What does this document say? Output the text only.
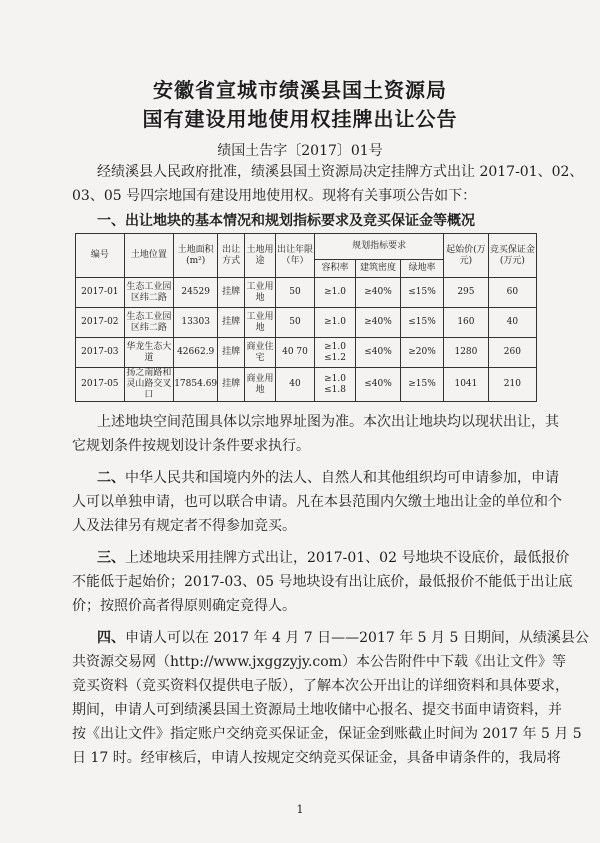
安徽省宣城市绩溪县国土资源局
国有建设用地使用权挂牌出让公告
绩国土告字〔2017〕01号
经绩溪县人民政府批准，绩溪县国土资源局决定挂牌方式出让 2017-01、02、
03、05 号四宗地国有建设用地使用权。现将有关事项公告如下：
一、出让地块的基本情况和规划指标要求及竞买保证金等概况
编号	土地位置	土地面积(m²)	出让方式	土地用途	出让年限（年）	规划指标要求			起始价(万元)	竞买保证金(万元)
						容积率	建筑密度	绿地率		
2017-01	生态工业园区纬二路	24529	挂牌	工业用地	50	≥1.0	≥40%	≤15%	295	60
2017-02	生态工业园区纬二路	13303	挂牌	工业用地	50	≥1.0	≥40%	≤15%	160	40
2017-03	华龙生态大道	42662.9	挂牌	商业住宅	40 70	≥1.0 ≤1.2	≤40%	≥20%	1280	260
2017-05	扬之南路和灵山路交叉口	17854.69	挂牌	商业用地	40	≥1.0 ≤1.8	≤40%	≥15%	1041	210
上述地块空间范围具体以宗地界址图为准。本次出让地块均以现状出让，其
它规划条件按规划设计条件要求执行。
二、中华人民共和国境内外的法人、自然人和其他组织均可申请参加，申请
人可以单独申请，也可以联合申请。凡在本县范围内欠缴土地出让金的单位和个
人及法律另有规定者不得参加竞买。
三、上述地块采用挂牌方式出让，2017-01、02 号地块不设底价，最低报价
不能低于起始价；2017-03、05 号地块设有出让底价，最低报价不能低于出让底
价；按照价高者得原则确定竞得人。
四、申请人可以在 2017 年 4 月 7 日——2017 年 5 月 5 日期间，从绩溪县公
共资源交易网（http://www.jxggzyjy.com）本公告附件中下载《出让文件》等
竞买资料（竞买资料仅提供电子版），了解本次公开出让的详细资料和具体要求，
期间，申请人可到绩溪县国土资源局土地收储中心报名、提交书面申请资料，并
按《出让文件》指定账户交纳竞买保证金，保证金到账截止时间为 2017 年 5 月 5
日 17 时。经审核后，申请人按规定交纳竞买保证金，具备申请条件的，我局将
1
